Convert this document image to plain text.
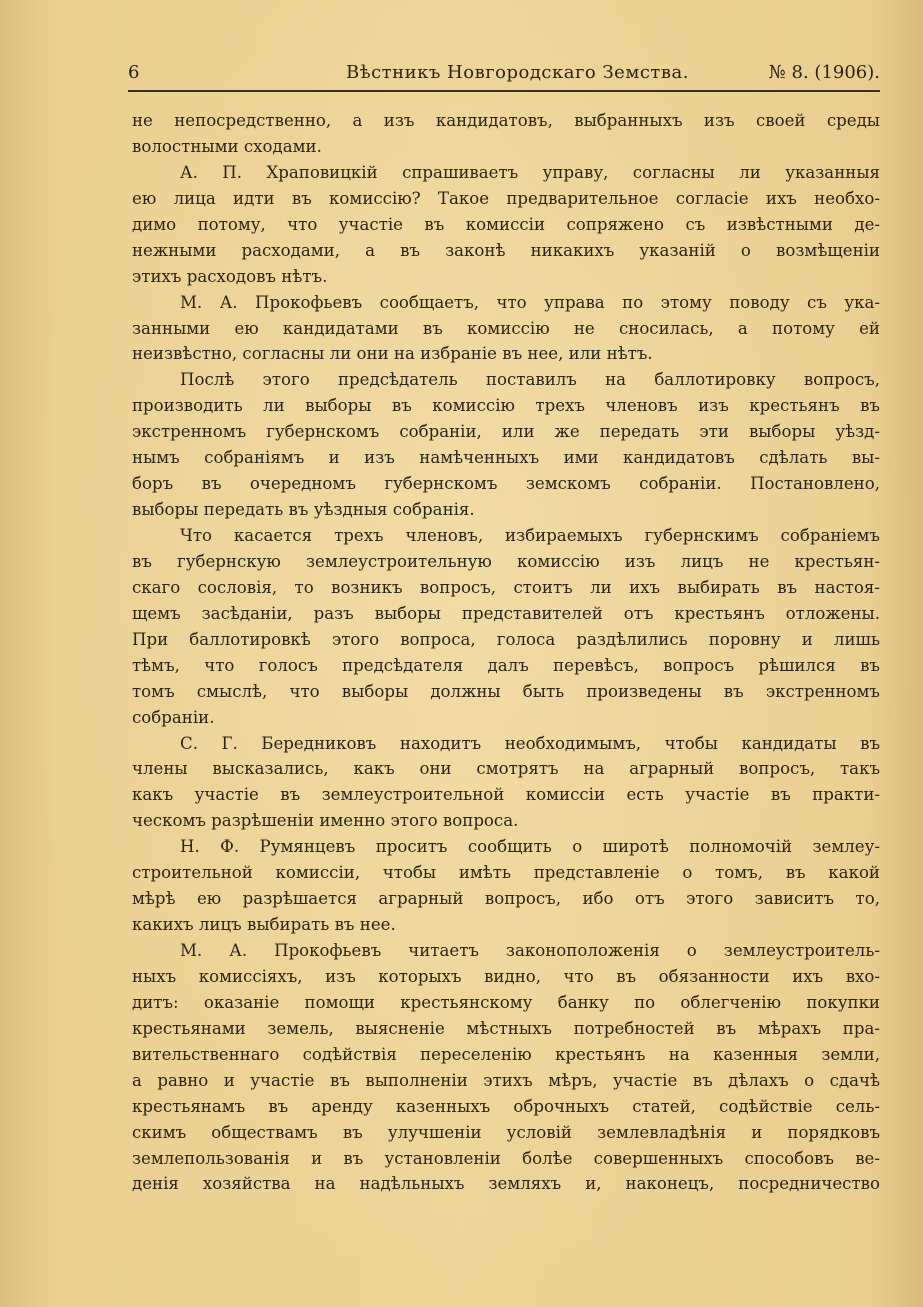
6	Вѣстникъ Новгородскаго Земства.	№ 8. (1906).
не непосредственно, а изъ кандидатовъ, выбранныхъ изъ своей среды
волостными сходами.
А. П. Храповицкій спрашиваетъ управу, согласны ли указанныя
ею лица идти въ комиссію? Такое предварительное согласіе ихъ необхо-
димо потому, что участіе въ комиссіи сопряжено съ извѣстными де-
нежными расходами, а въ законѣ никакихъ указаній о возмѣщеніи
этихъ расходовъ нѣтъ.
М. А. Прокофьевъ сообщаетъ, что управа по этому поводу съ ука-
занными ею кандидатами въ комиссію не сносилась, а потому ей
неизвѣстно, согласны ли они на избраніе въ нее, или нѣтъ.
Послѣ этого предсѣдатель поставилъ на баллотировку вопросъ,
производить ли выборы въ комисcію трехъ членовъ изъ крестьянъ въ
экстренномъ губернскомъ собраніи, или же передать эти выборы уѣзд-
нымъ собраніямъ и изъ намѣченныхъ ими кандидатовъ сдѣлать вы-
боръ въ очередномъ губернскомъ земскомъ собраніи. Постановлено,
выборы передать въ уѣздныя собранія.
Что касается трехъ членовъ, избираемыхъ губернскимъ собраніемъ
въ губернскую землеустроительную комиссію изъ лицъ не крестьян-
скаго сословія, то возникъ вопросъ, стоитъ ли ихъ выбирать въ настоя-
щемъ засѣданіи, разъ выборы представителей отъ крестьянъ отложены.
При баллотировкѣ этого вопроса, голоса раздѣлились поровну и лишь
тѣмъ, что голосъ предсѣдателя далъ перевѣсъ, вопросъ рѣшился въ
томъ смыслѣ, что выборы должны быть произведены въ экстренномъ
собраніи.
С. Г. Бередниковъ находитъ необходимымъ, чтобы кандидаты въ
члены высказались, какъ они смотрятъ на аграрный вопросъ, такъ
какъ участіе въ землеустроительной комиссіи есть участіе въ практи-
ческомъ разрѣшеніи именно этого вопроса.
Н. Ф. Румянцевъ проситъ сообщить о широтѣ полномочій землеу-
строительной комиссіи, чтобы имѣть представленіе о томъ, въ какой
мѣрѣ ею разрѣшается аграрный вопросъ, ибо отъ этого зависитъ то,
какихъ лицъ выбирать въ нее.
М. А. Прокофьевъ читаетъ законоположенія о землеустроитель-
ныхъ комиссіяхъ, изъ которыхъ видно, что въ обязанности ихъ вхо-
дитъ: оказаніе помощи крестьянскому банку по облегченію покупки
крестьянами земель, выясненіе мѣстныхъ потребностей въ мѣрахъ пра-
вительственнаго содѣйствія переселенію крестьянъ на казенныя земли,
а равно и участіе въ выполненіи этихъ мѣръ, участіе въ дѣлахъ о сдачѣ
крестьянамъ въ аренду казенныхъ оброчныхъ статей, содѣйствіе сель-
скимъ обществамъ въ улучшеніи условій землевладѣнія и порядковъ
землепользованія и въ установленіи болѣе совершенныхъ способовъ ве-
денія хозяйства на надѣльныхъ земляхъ и, наконецъ, посредничество
